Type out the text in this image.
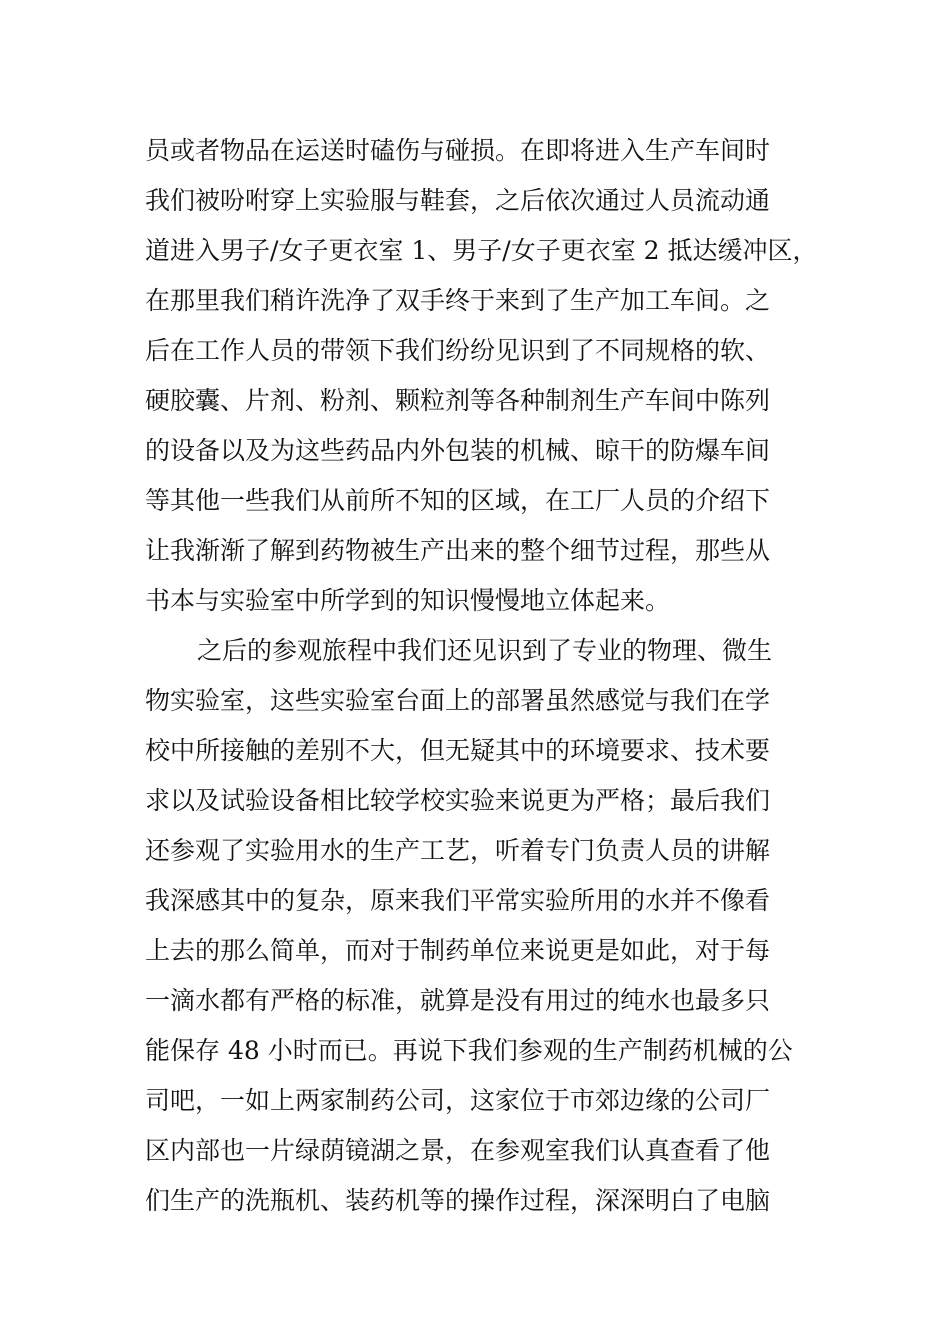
员或者物品在运送时磕伤与碰损。在即将进入生产车间时
我们被吩咐穿上实验服与鞋套，之后依次通过人员流动通
道进入男子/女子更衣室 1、男子/女子更衣室 2 抵达缓冲区，
在那里我们稍许洗净了双手终于来到了生产加工车间。之
后在工作人员的带领下我们纷纷见识到了不同规格的软、
硬胶囊、片剂、粉剂、颗粒剂等各种制剂生产车间中陈列
的设备以及为这些药品内外包装的机械、晾干的防爆车间
等其他一些我们从前所不知的区域，在工厂人员的介绍下
让我渐渐了解到药物被生产出来的整个细节过程，那些从
书本与实验室中所学到的知识慢慢地立体起来。
之后的参观旅程中我们还见识到了专业的物理、微生
物实验室，这些实验室台面上的部署虽然感觉与我们在学
校中所接触的差别不大，但无疑其中的环境要求、技术要
求以及试验设备相比较学校实验来说更为严格；最后我们
还参观了实验用水的生产工艺，听着专门负责人员的讲解
我深感其中的复杂，原来我们平常实验所用的水并不像看
上去的那么简单，而对于制药单位来说更是如此，对于每
一滴水都有严格的标准，就算是没有用过的纯水也最多只
能保存 48 小时而已。再说下我们参观的生产制药机械的公
司吧，一如上两家制药公司，这家位于市郊边缘的公司厂
区内部也一片绿荫镜湖之景，在参观室我们认真查看了他
们生产的洗瓶机、装药机等的操作过程，深深明白了电脑
